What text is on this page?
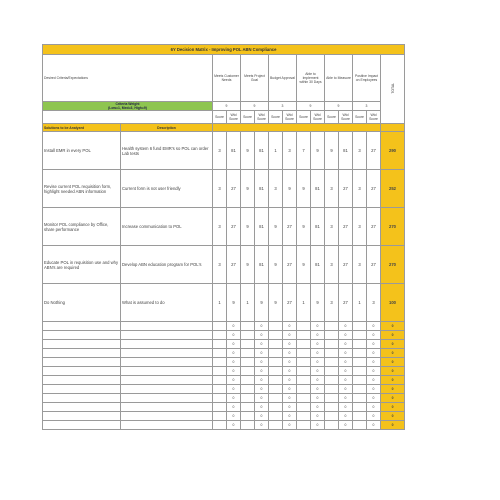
6Y Decision Matrix - Improving POL ABN Compliance														
Desired Criteria/Expectations		Meets Customer Needs		Meets Project Goal		Budget Approval		Able to Implement within 30 Days		Able to Measure		Positive Impact on Employees		TOTAL

Criteria Weight
(Low=1, Med=3, High=9)		9		9		3		9		9		3		
		Score	Wtd Score	Score	Wtd Score	Score	Wtd Score	Score	Wtd Score	Score	Wtd Score	Score	Wtd Score	
Solutions to be Analyzed	Description													
Install EMR in every POL	Health system 6 fund EMR's so POL can order Lab tests	3	81	9	81	1	3	7	9	9	81	3	27	290
Revise current POL requisition form, highlight needed ABN information	Current form is not user friendly	3	27	9	81	3	9	9	81	3	27	3	27	252
Monitor POL compliance by Office, share performance	Increase communication to POL	3	27	9	81	9	27	9	81	3	27	3	27	270
Educate POL in requisition use and why ABN's are required	Develop ABN education program for POL's	3	27	9	81	9	27	9	81	3	27	3	27	270
Do Nothing	What is assumed to do	1	9	1	9	9	27	1	9	3	27	1	3	100
			0		0		0		0		0		0	0
			0		0		0		0		0		0	0
			0		0		0		0		0		0	0
			0		0		0		0		0		0	0
			0		0		0		0		0		0	0
			0		0		0		0		0		0	0
			0		0		0		0		0		0	0
			0		0		0		0		0		0	0
			0		0		0		0		0		0	0
			0		0		0		0		0		0	0
			0		0		0		0		0		0	0
			0		0		0		0		0		0	0
